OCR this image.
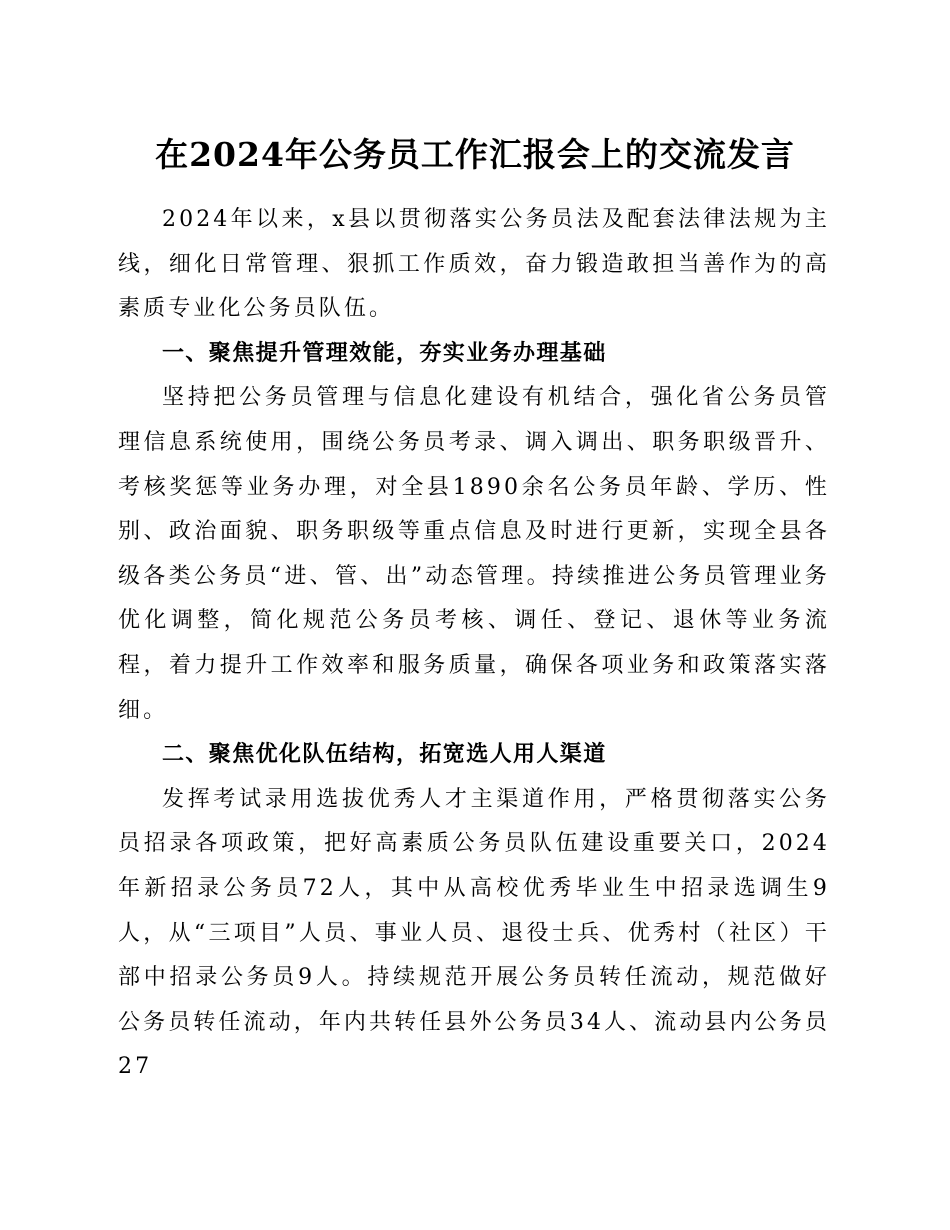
在2024年公务员工作汇报会上的交流发言

2024年以来，x县以贯彻落实公务员法及配套法律法规为主线，细化日常管理、狠抓工作质效，奋力锻造敢担当善作为的高素质专业化公务员队伍。

一、聚焦提升管理效能，夯实业务办理基础

坚持把公务员管理与信息化建设有机结合，强化省公务员管理信息系统使用，围绕公务员考录、调入调出、职务职级晋升、考核奖惩等业务办理，对全县1890余名公务员年龄、学历、性别、政治面貌、职务职级等重点信息及时进行更新，实现全县各级各类公务员“进、管、出”动态管理。持续推进公务员管理业务优化调整，简化规范公务员考核、调任、登记、退休等业务流程，着力提升工作效率和服务质量，确保各项业务和政策落实落细。

二、聚焦优化队伍结构，拓宽选人用人渠道

发挥考试录用选拔优秀人才主渠道作用，严格贯彻落实公务员招录各项政策，把好高素质公务员队伍建设重要关口，2024年新招录公务员72人，其中从高校优秀毕业生中招录选调生9人，从“三项目”人员、事业人员、退役士兵、优秀村（社区）干部中招录公务员9人。持续规范开展公务员转任流动，规范做好公务员转任流动，年内共转任县外公务员34人、流动县内公务员27
